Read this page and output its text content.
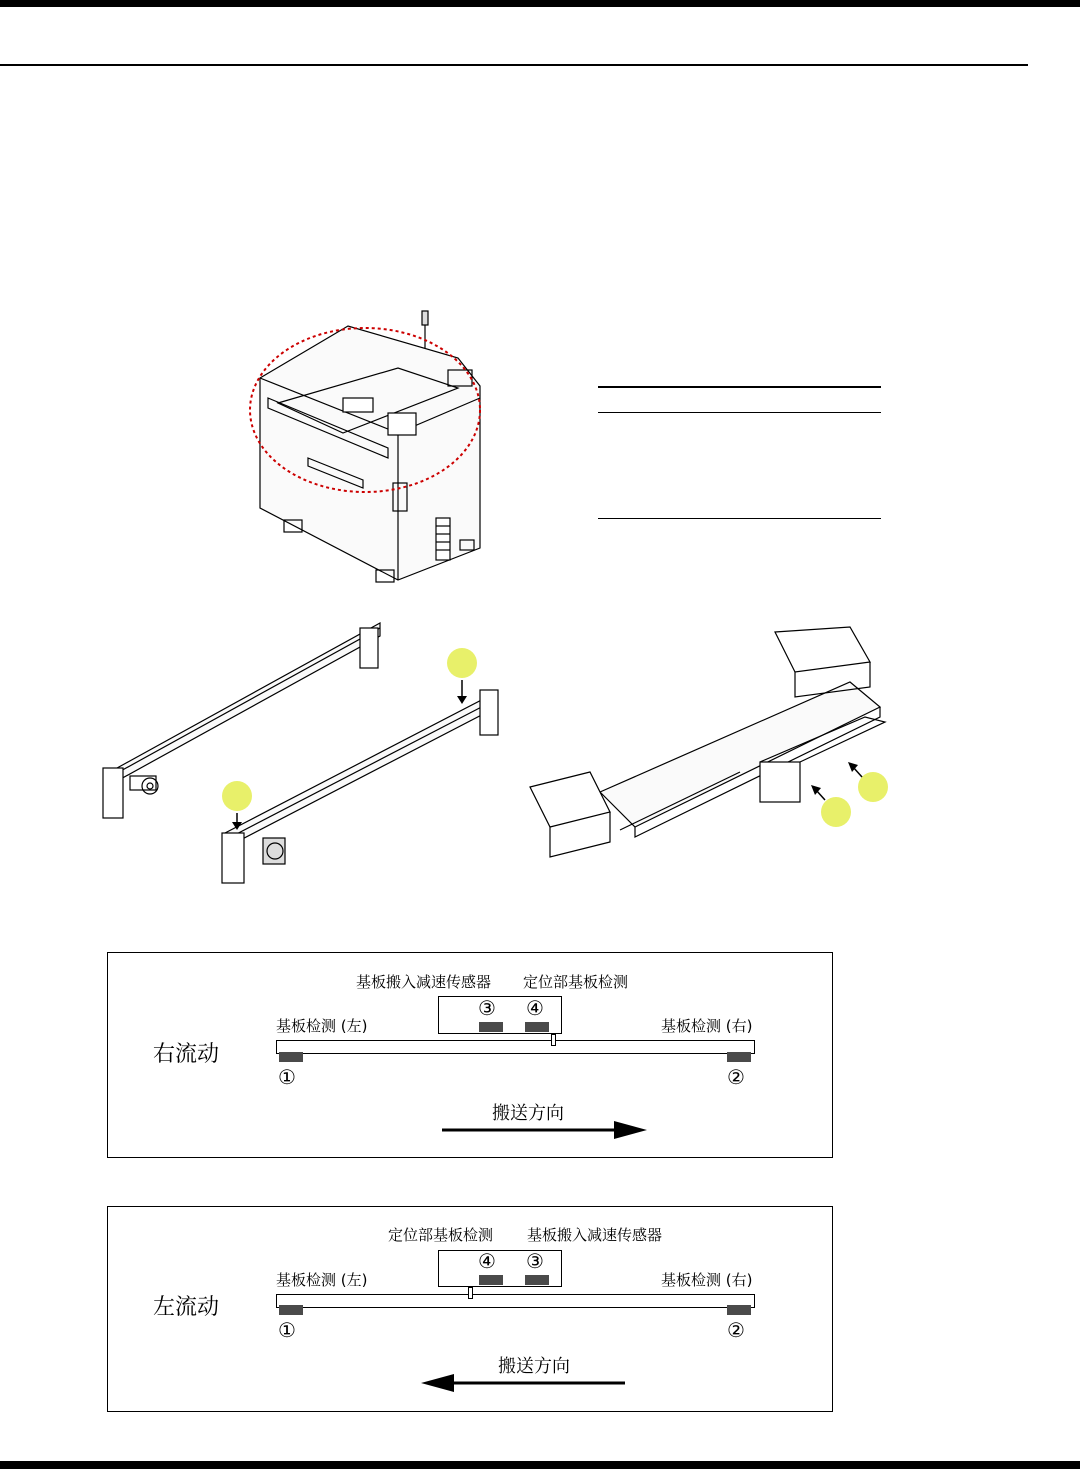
右流动
基板搬入减速传感器 定位部基板检测
③ ④
基板检测 (左)	基板检测 (右)
①	②
搬送方向
左流动
定位部基板检测 基板搬入减速传感器
④ ③
基板检测 (左)	基板检测 (右)
①	②
搬送方向
